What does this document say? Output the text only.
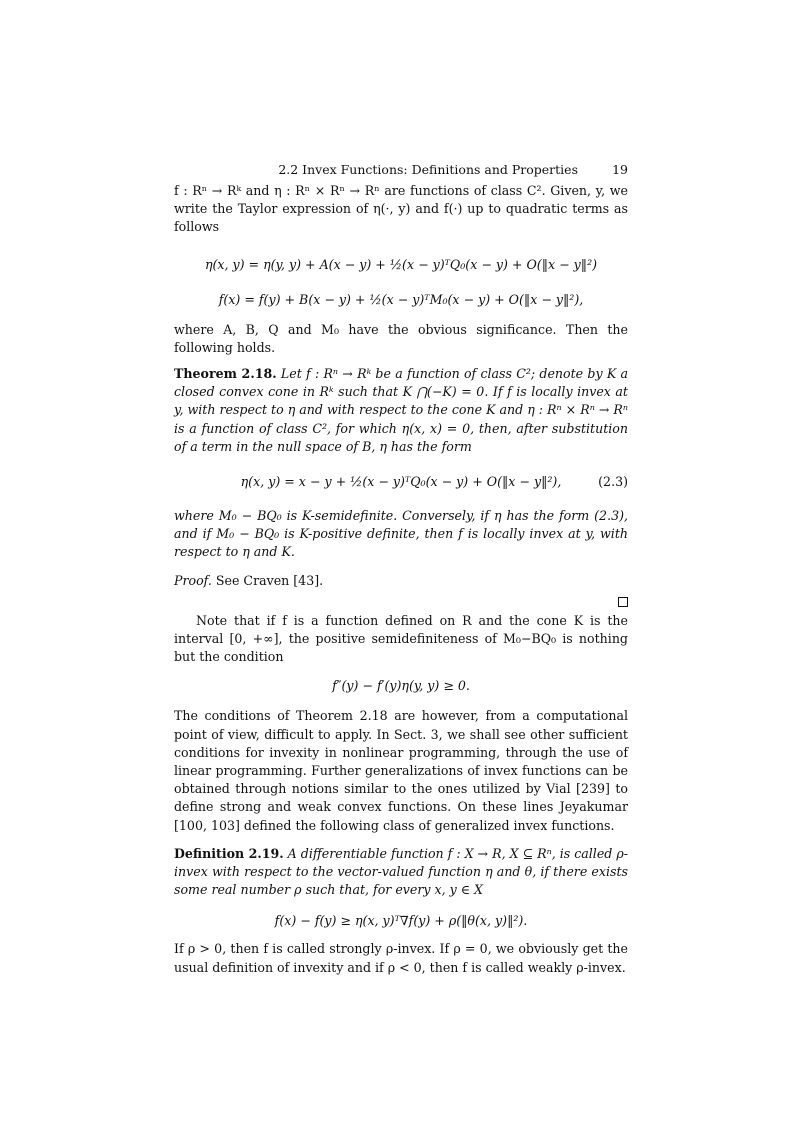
2.2 Invex Functions: Definitions and Properties	19

f : Rⁿ → Rᵏ and η : Rⁿ × Rⁿ → Rⁿ are functions of class C². Given, y, we write the Taylor expression of η(·, y) and f(·) up to quadratic terms as follows

η(x, y) = η(y, y) + A(x − y) + ½(x − y)ᵀQ₀(x − y) + O(‖x − y‖²)
f(x) = f(y) + B(x − y) + ½(x − y)ᵀM₀(x − y) + O(‖x − y‖²),

where A, B, Q and M₀ have the obvious significance. Then the following holds.

Theorem 2.18. Let f : Rⁿ → Rᵏ be a function of class C²; denote by K a closed convex cone in Rᵏ such that K ⋂(−K) = 0. If f is locally invex at y, with respect to η and with respect to the cone K and η : Rⁿ × Rⁿ → Rⁿ is a function of class C², for which η(x, x) = 0, then, after substitution of a term in the null space of B, η has the form

η(x, y) = x − y + ½(x − y)ᵀQ₀(x − y) + O(‖x − y‖²),	(2.3)

where M₀ − BQ₀ is K-semidefinite. Conversely, if η has the form (2.3), and if M₀ − BQ₀ is K-positive definite, then f is locally invex at y, with respect to η and K.

Proof. See Craven [43].

Note that if f is a function defined on R and the cone K is the interval [0, +∞], the positive semidefiniteness of M₀−BQ₀ is nothing but the condition

f″(y) − f′(y)η(y, y) ≥ 0.

The conditions of Theorem 2.18 are however, from a computational point of view, difficult to apply. In Sect. 3, we shall see other sufficient conditions for invexity in nonlinear programming, through the use of linear programming. Further generalizations of invex functions can be obtained through notions similar to the ones utilized by Vial [239] to define strong and weak convex functions. On these lines Jeyakumar [100, 103] defined the following class of generalized invex functions.

Definition 2.19. A differentiable function f : X → R, X ⊆ Rⁿ, is called ρ-invex with respect to the vector-valued function η and θ, if there exists some real number ρ such that, for every x, y ∈ X

f(x) − f(y) ≥ η(x, y)ᵀ∇f(y) + ρ(‖θ(x, y)‖²).

If ρ > 0, then f is called strongly ρ-invex. If ρ = 0, we obviously get the usual definition of invexity and if ρ < 0, then f is called weakly ρ-invex.
